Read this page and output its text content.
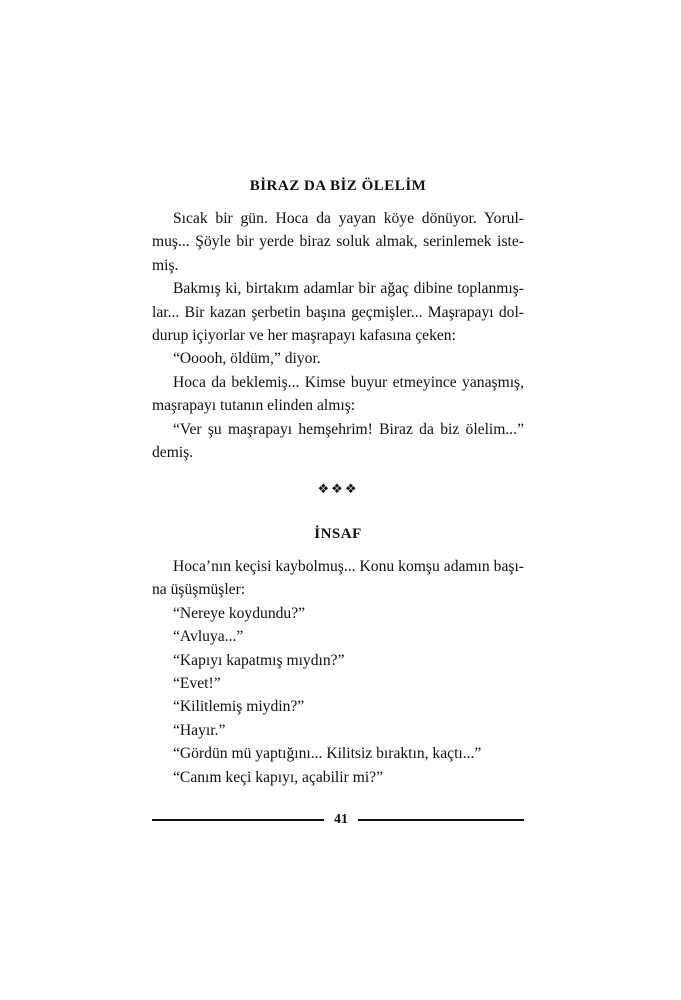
BİRAZ DA BİZ ÖLELİM

Sıcak bir gün. Hoca da yayan köye dönüyor. Yorul-
muş... Şöyle bir yerde biraz soluk almak, serinlemek iste-
miş.

Bakmış ki, birtakım adamlar bir ağaç dibine toplanmış-
lar... Bir kazan şerbetin başına geçmişler... Maşrapayı dol-
durup içiyorlar ve her maşrapayı kafasına çeken:

“Ooooh, öldüm,” diyor.

Hoca da beklemiş... Kimse buyur etmeyince yanaşmış,
maşrapayı tutanın elinden almış:

“Ver şu maşrapayı hemşehrim! Biraz da biz ölelim...”
demiş.

❖❖❖
İNSAF

Hoca’nın keçisi kaybolmuş... Konu komşu adamın başı-
na üşüşmüşler:

“Nereye koydundu?”

“Avluya...”

“Kapıyı kapatmış mıydın?”

“Evet!”

“Kilitlemiş miydin?”

“Hayır.”

“Gördün mü yaptığını... Kilitsiz bıraktın, kaçtı...”

“Canım keçi kapıyı, açabilir mi?”

41
